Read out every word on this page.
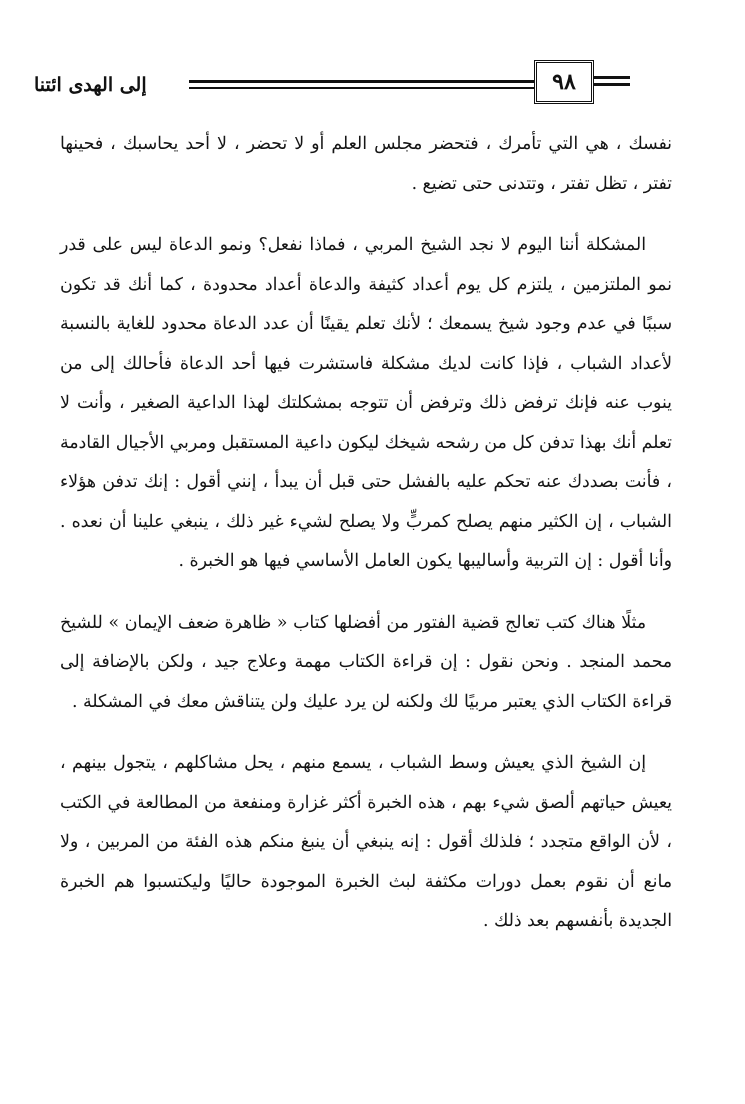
إلى الهدى ائتنا	٩٨

نفسك ، هي التي تأمرك ، فتحضر مجلس العلم أو لا تحضر ، لا أحد يحاسبك ، فحينها تفتر ، تظل تفتر ، وتتدنى حتى تضيع .

المشكلة أننا اليوم لا نجد الشيخ المربي ، فماذا نفعل؟ ونمو الدعاة ليس على قدر نمو الملتزمين ، يلتزم كل يوم أعداد كثيفة والدعاة أعداد محدودة ، كما أنك قد تكون سببًا في عدم وجود شيخ يسمعك ؛ لأنك تعلم يقينًا أن عدد الدعاة محدود للغاية بالنسبة لأعداد الشباب ، فإذا كانت لديك مشكلة فاستشرت فيها أحد الدعاة فأحالك إلى من ينوب عنه فإنك ترفض ذلك وترفض أن تتوجه بمشكلتك لهذا الداعية الصغير ، وأنت لا تعلم أنك بهذا تدفن كل من رشحه شيخك ليكون داعية المستقبل ومربي الأجيال القادمة ، فأنت بصددك عنه تحكم عليه بالفشل حتى قبل أن يبدأ ، إنني أقول : إنك تدفن هؤلاء الشباب ، إن الكثير منهم يصلح كمربٍّ ولا يصلح لشيء غير ذلك ، ينبغي علينا أن نعده . وأنا أقول : إن التربية وأساليبها يكون العامل الأساسي فيها هو الخبرة .

مثلًا هناك كتب تعالج قضية الفتور من أفضلها كتاب « ظاهرة ضعف الإيمان » للشيخ محمد المنجد . ونحن نقول : إن قراءة الكتاب مهمة وعلاج جيد ، ولكن بالإضافة إلى قراءة الكتاب الذي يعتبر مربيًا لك ولكنه لن يرد عليك ولن يتناقش معك في المشكلة .

إن الشيخ الذي يعيش وسط الشباب ، يسمع منهم ، يحل مشاكلهم ، يتجول بينهم ، يعيش حياتهم ألصق شيء بهم ، هذه الخبرة أكثر غزارة ومنفعة من المطالعة في الكتب ، لأن الواقع متجدد ؛ فلذلك أقول : إنه ينبغي أن ينبغ منكم هذه الفئة من المربين ، ولا مانع أن نقوم بعمل دورات مكثفة لبث الخبرة الموجودة حاليًا وليكتسبوا هم الخبرة الجديدة بأنفسهم بعد ذلك .
